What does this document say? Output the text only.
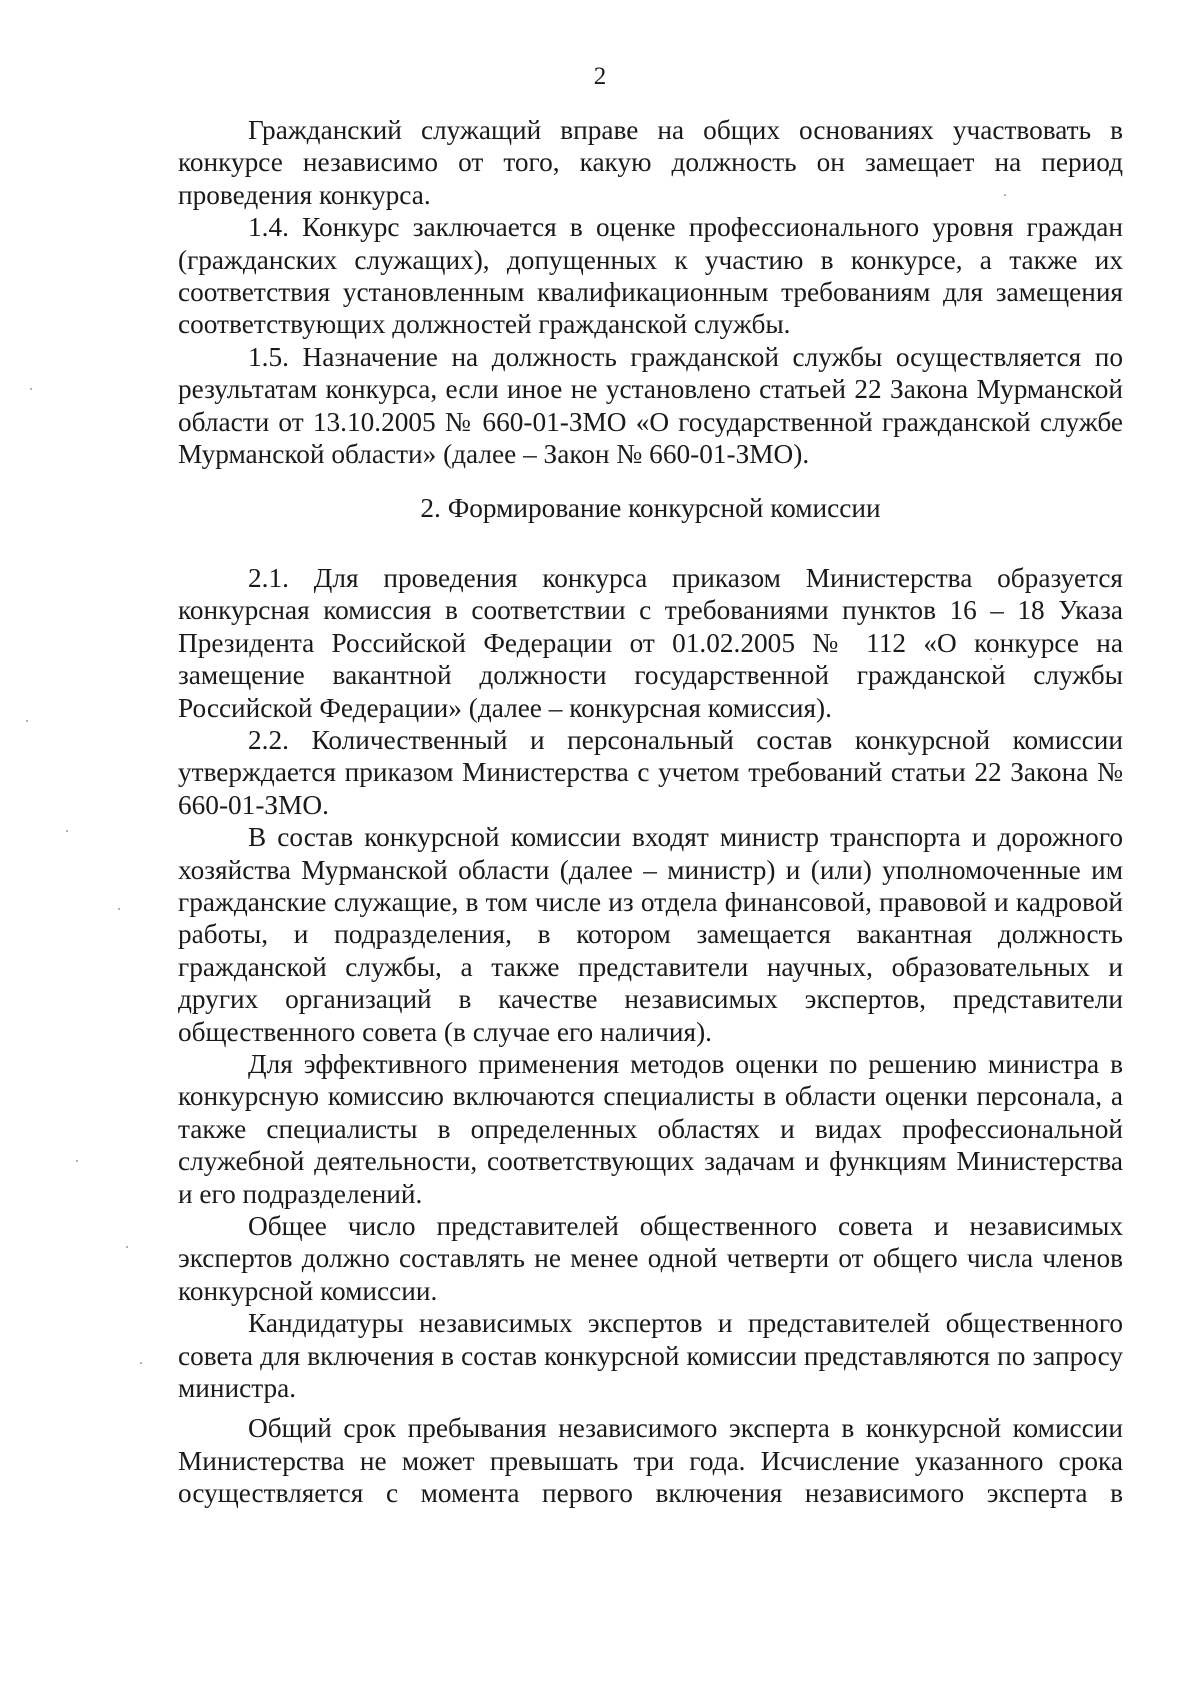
2

Гражданский служащий вправе на общих основаниях участвовать в конкурсе независимо от того, какую должность он замещает на период проведения конкурса.

1.4. Конкурс заключается в оценке профессионального уровня граждан (гражданских служащих), допущенных к участию в конкурсе, а также их соответствия установленным квалификационным требованиям для замещения соответствующих должностей гражданской службы.

1.5. Назначение на должность гражданской службы осуществляется по результатам конкурса, если иное не установлено статьей 22 Закона Мурманской области от 13.10.2005 № 660-01-ЗМО «О государственной гражданской службе Мурманской области» (далее – Закон № 660-01-ЗМО).

2. Формирование конкурсной комиссии

2.1. Для проведения конкурса приказом Министерства образуется конкурсная комиссия в соответствии с требованиями пунктов 16 – 18 Указа Президента Российской Федерации от 01.02.2005 № 112 «О конкурсе на замещение вакантной должности государственной гражданской службы Российской Федерации» (далее – конкурсная комиссия).

2.2. Количественный и персональный состав конкурсной комиссии утверждается приказом Министерства с учетом требований статьи 22 Закона № 660-01-ЗМО.

В состав конкурсной комиссии входят министр транспорта и дорожного хозяйства Мурманской области (далее – министр) и (или) уполномоченные им гражданские служащие, в том числе из отдела финансовой, правовой и кадровой работы, и подразделения, в котором замещается вакантная должность гражданской службы, а также представители научных, образовательных и других организаций в качестве независимых экспертов, представители общественного совета (в случае его наличия).

Для эффективного применения методов оценки по решению министра в конкурсную комиссию включаются специалисты в области оценки персонала, а также специалисты в определенных областях и видах профессиональной служебной деятельности, соответствующих задачам и функциям Министерства и его подразделений.

Общее число представителей общественного совета и независимых экспертов должно составлять не менее одной четверти от общего числа членов конкурсной комиссии.

Кандидатуры независимых экспертов и представителей общественного совета для включения в состав конкурсной комиссии представляются по запросу министра.

Общий срок пребывания независимого эксперта в конкурсной комиссии Министерства не может превышать три года. Исчисление указанного срока осуществляется с момента первого включения независимого эксперта в
